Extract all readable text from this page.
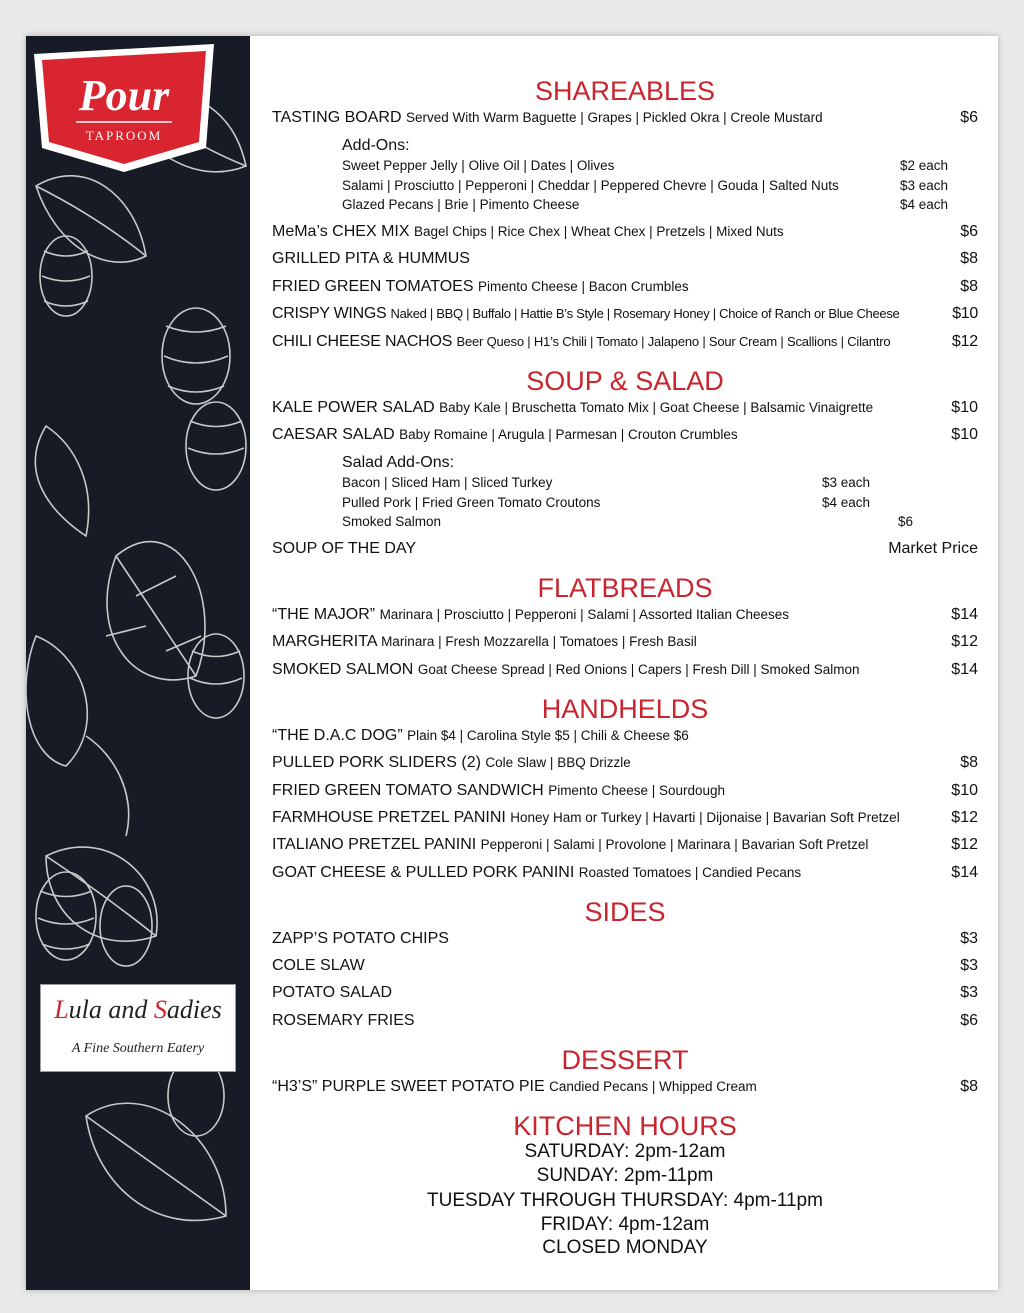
Lula and Sadies
A Fine Southern Eatery
Pour
TAPROOM
SHAREABLES
TASTING BOARD Served With Warm Baguette | Grapes | Pickled Okra | Creole Mustard	$6
Add-Ons:
Sweet Pepper Jelly | Olive Oil | Dates | Olives	$2 each
Salami | Prosciutto | Pepperoni | Cheddar | Peppered Chevre | Gouda | Salted Nuts	$3 each
Glazed Pecans | Brie | Pimento Cheese	$4 each
MeMa’s CHEX MIX Bagel Chips | Rice Chex | Wheat Chex | Pretzels | Mixed Nuts	$6
GRILLED PITA & HUMMUS	$8
FRIED GREEN TOMATOES Pimento Cheese | Bacon Crumbles	$8
CRISPY WINGS Naked | BBQ | Buffalo | Hattie B’s Style | Rosemary Honey | Choice of Ranch or Blue Cheese	$10
CHILI CHEESE NACHOS Beer Queso | H1’s Chili | Tomato | Jalapeno | Sour Cream | Scallions | Cilantro	$12
SOUP & SALAD
KALE POWER SALAD Baby Kale | Bruschetta Tomato Mix | Goat Cheese | Balsamic Vinaigrette	$10
CAESAR SALAD Baby Romaine | Arugula | Parmesan | Crouton Crumbles	$10
Salad Add-Ons:
Bacon | Sliced Ham | Sliced Turkey	$3 each
Pulled Pork | Fried Green Tomato Croutons	$4 each
Smoked Salmon	$6
SOUP OF THE DAY	Market Price
FLATBREADS
“THE MAJOR” Marinara | Prosciutto | Pepperoni | Salami | Assorted Italian Cheeses	$14
MARGHERITA Marinara | Fresh Mozzarella | Tomatoes | Fresh Basil	$12
SMOKED SALMON Goat Cheese Spread | Red Onions | Capers | Fresh Dill | Smoked Salmon	$14
HANDHELDS
“THE D.A.C DOG” Plain $4 | Carolina Style $5 | Chili & Cheese $6
PULLED PORK SLIDERS (2) Cole Slaw | BBQ Drizzle	$8
FRIED GREEN TOMATO SANDWICH Pimento Cheese | Sourdough	$10
FARMHOUSE PRETZEL PANINI Honey Ham or Turkey | Havarti | Dijonaise | Bavarian Soft Pretzel	$12
ITALIANO PRETZEL PANINI Pepperoni | Salami | Provolone | Marinara | Bavarian Soft Pretzel	$12
GOAT CHEESE & PULLED PORK PANINI Roasted Tomatoes | Candied Pecans	$14
SIDES
ZAPP’S POTATO CHIPS	$3
COLE SLAW	$3
POTATO SALAD	$3
ROSEMARY FRIES	$6
DESSERT
“H3’S” PURPLE SWEET POTATO PIE Candied Pecans | Whipped Cream	$8
KITCHEN HOURS
SATURDAY: 2pm-12am
SUNDAY: 2pm-11pm
TUESDAY THROUGH THURSDAY: 4pm-11pm
FRIDAY: 4pm-12am
CLOSED MONDAY
